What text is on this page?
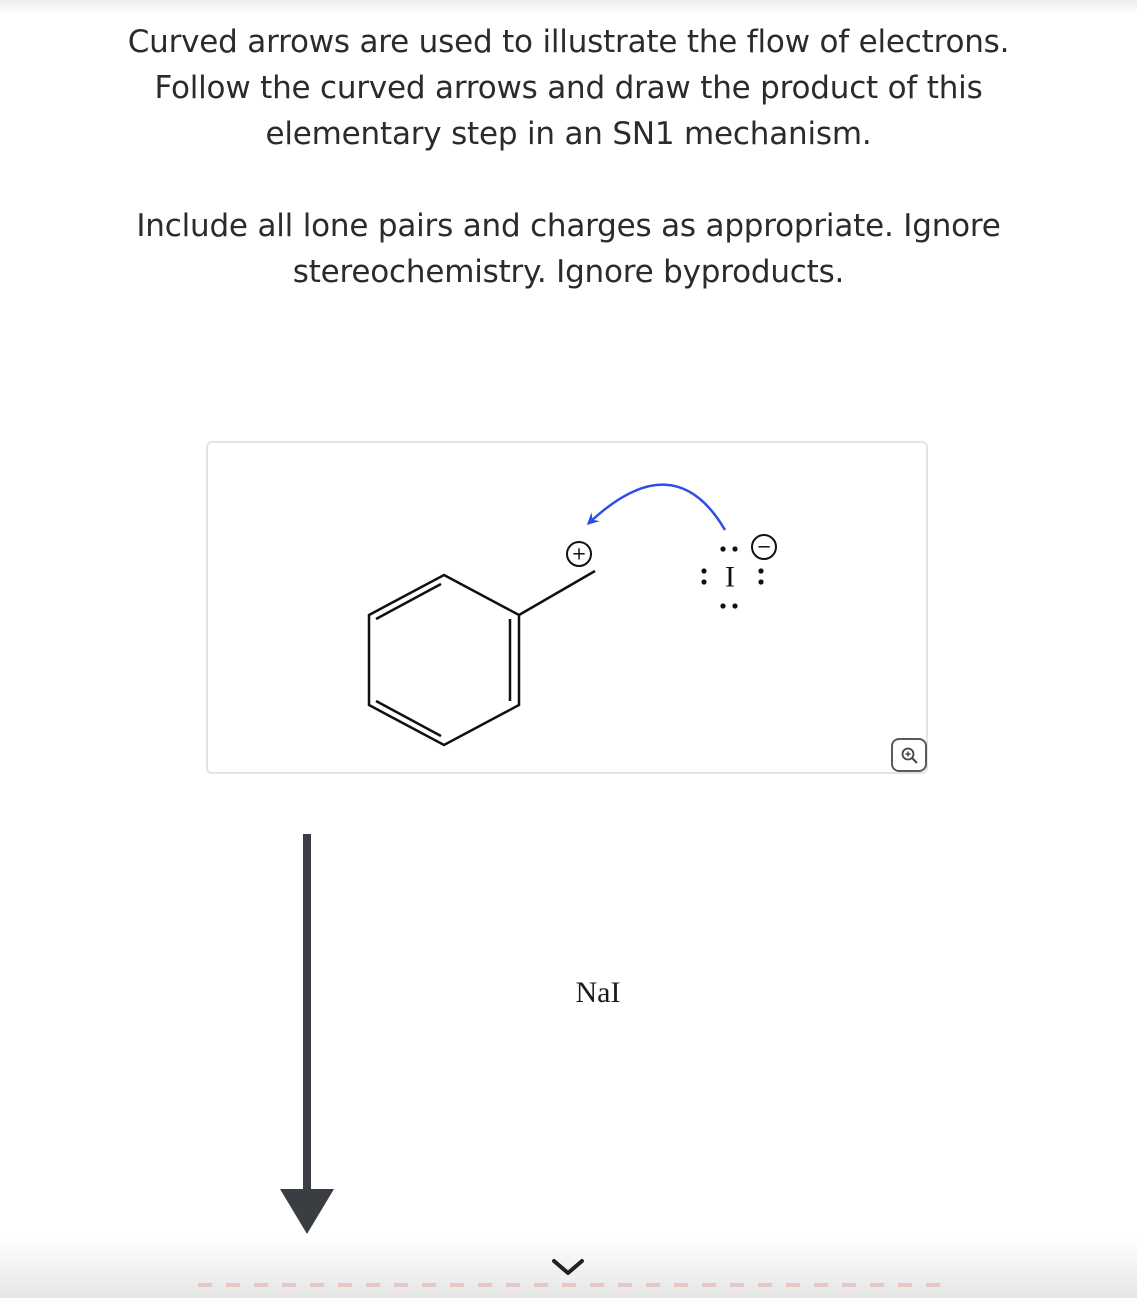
Curved arrows are used to illustrate the flow of electrons.

Follow the curved arrows and draw the product of this

elementary step in an SN1 mechanism.

Include all lone pairs and charges as appropriate. Ignore

stereochemistry. Ignore byproducts.

+
I
−
NaI
